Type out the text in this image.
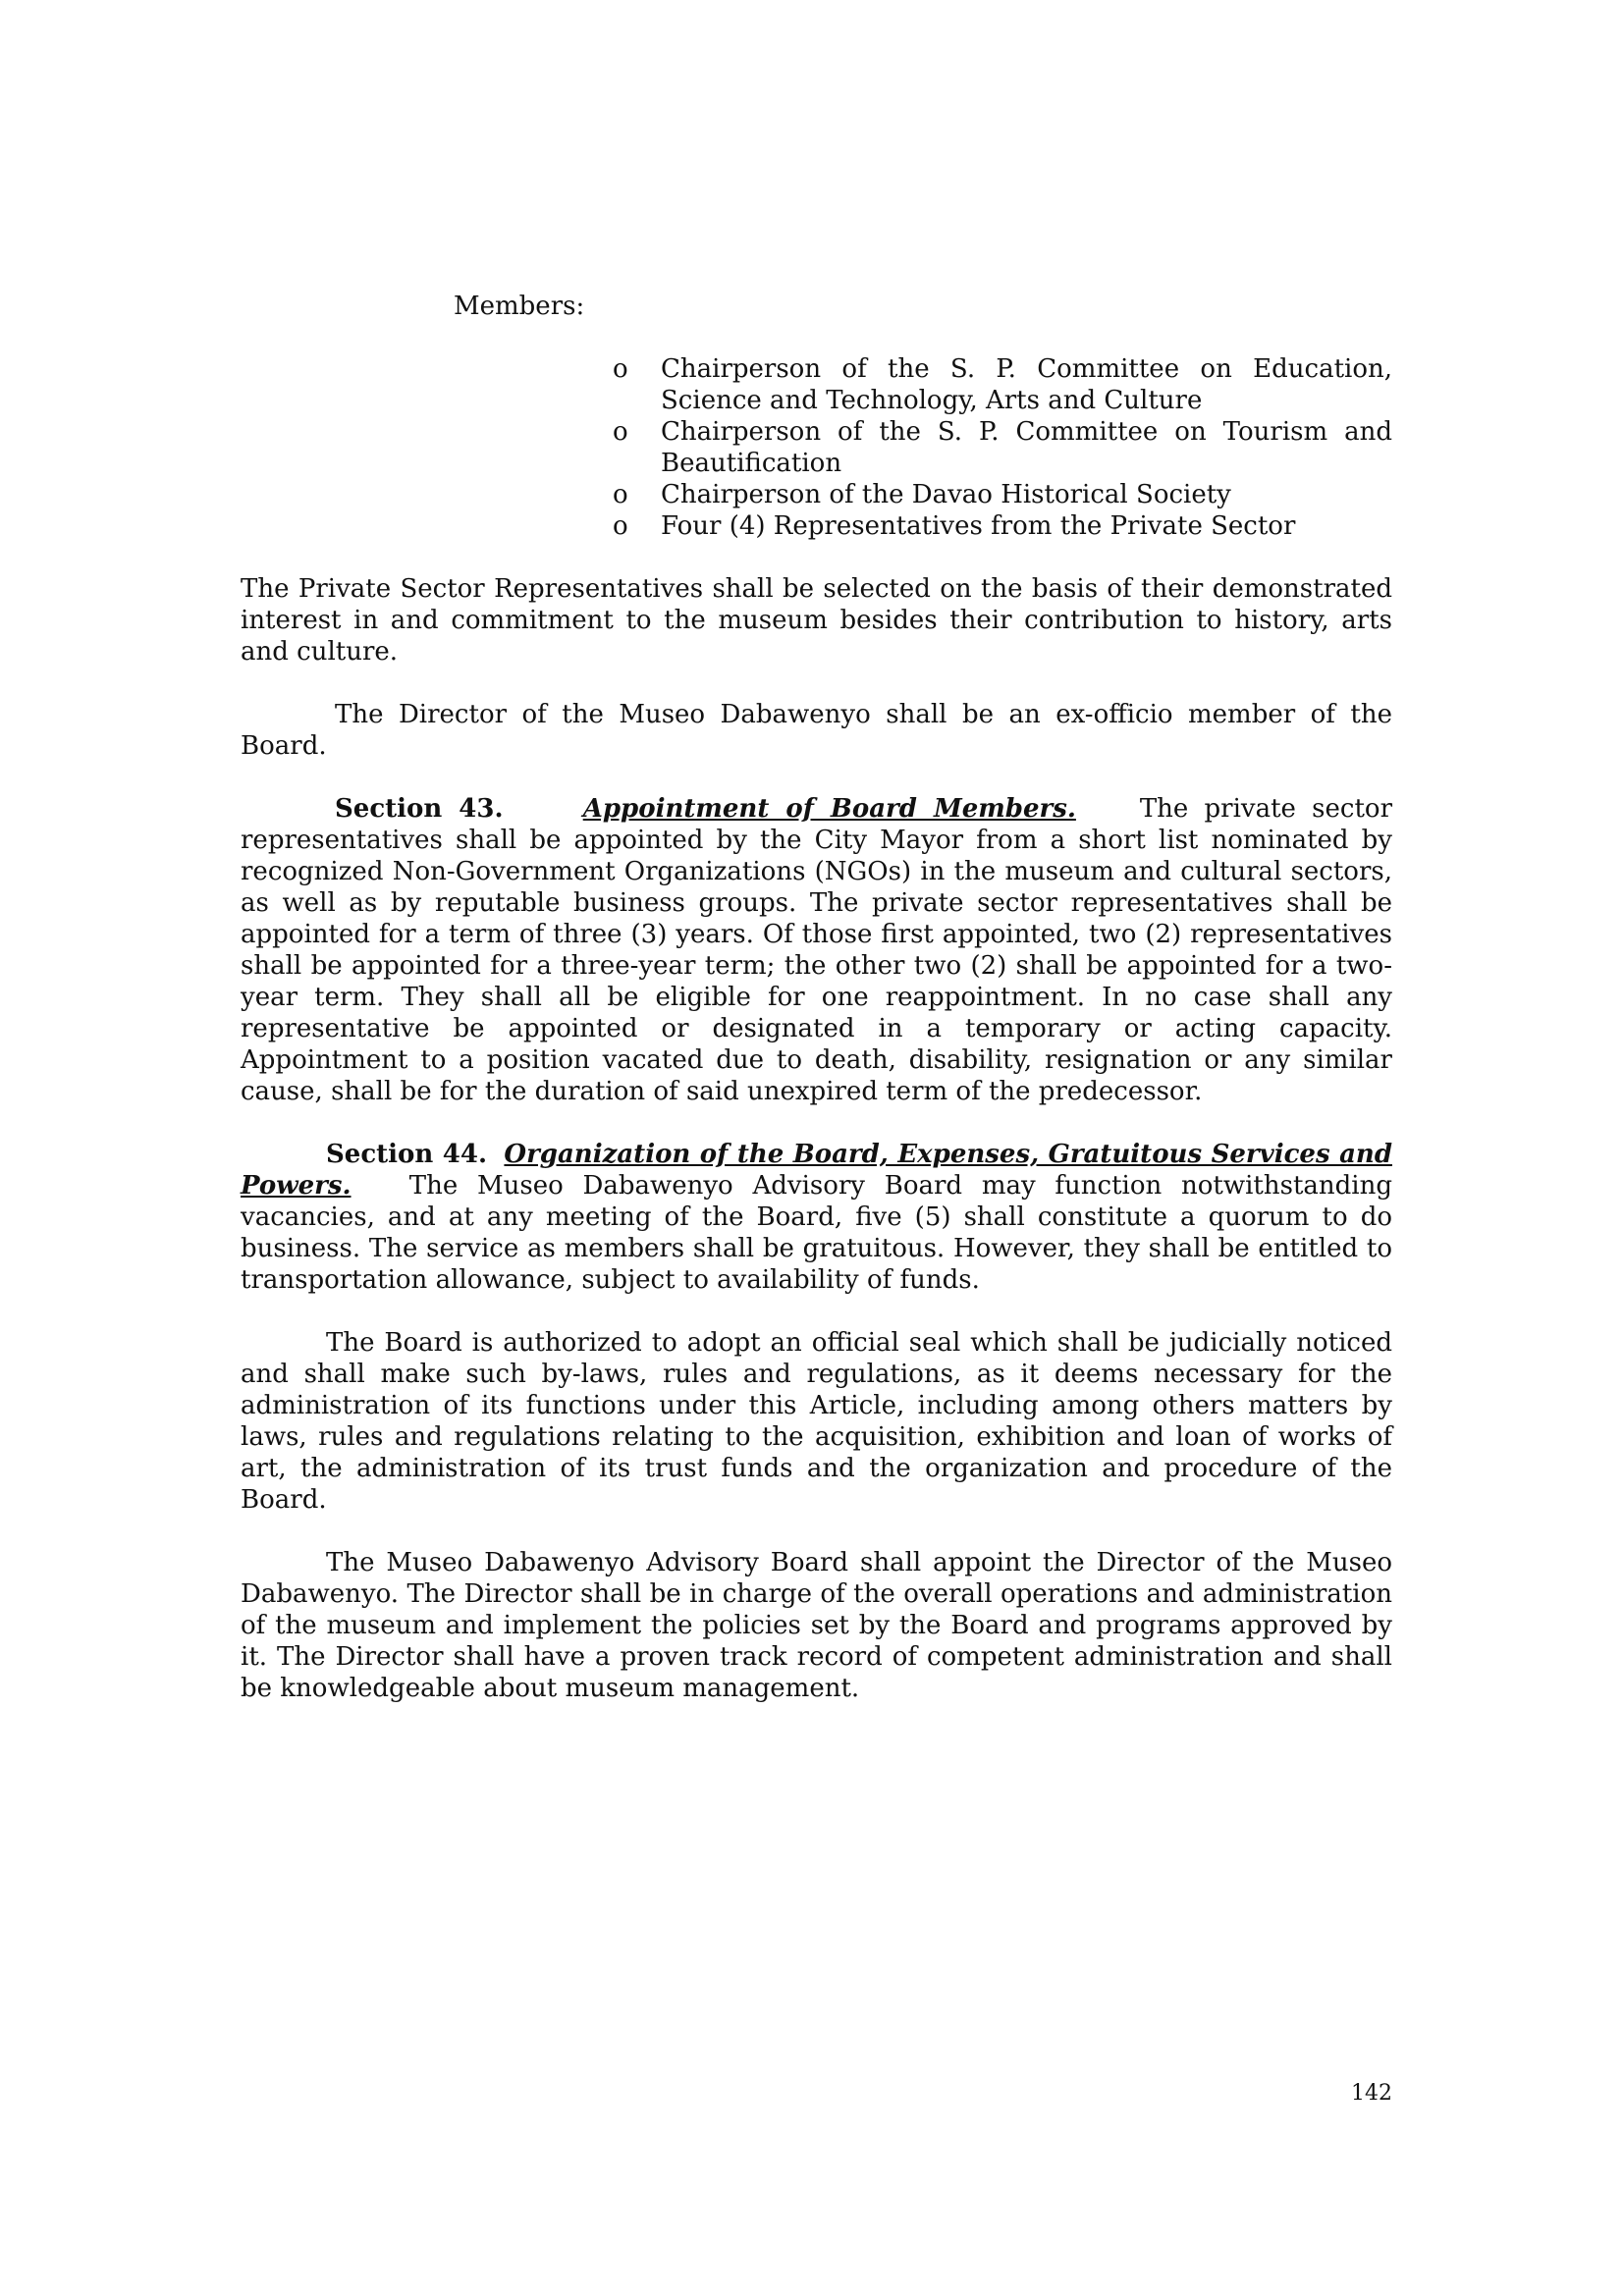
Members:

o Chairperson of the S. P. Committee on Education, Science and Technology, Arts and Culture
o Chairperson of the S. P. Committee on Tourism and Beautification
o Chairperson of the Davao Historical Society
o Four (4) Representatives from the Private Sector

The Private Sector Representatives shall be selected on the basis of their demonstrated interest in and commitment to the museum besides their contribution to history, arts and culture.

The Director of the Museo Dabawenyo shall be an ex-officio member of the Board.

Section 43.	Appointment of Board Members. The private sector representatives shall be appointed by the City Mayor from a short list nominated by recognized Non-Government Organizations (NGOs) in the museum and cultural sectors, as well as by reputable business groups. The private sector representatives shall be appointed for a term of three (3) years. Of those first appointed, two (2) representatives shall be appointed for a three-year term; the other two (2) shall be appointed for a two-year term. They shall all be eligible for one reappointment. In no case shall any representative be appointed or designated in a temporary or acting capacity. Appointment to a position vacated due to death, disability, resignation or any similar cause, shall be for the duration of said unexpired term of the predecessor.

Section 44. Organization of the Board, Expenses, Gratuitous Services and Powers. The Museo Dabawenyo Advisory Board may function notwithstanding vacancies, and at any meeting of the Board, five (5) shall constitute a quorum to do business. The service as members shall be gratuitous. However, they shall be entitled to transportation allowance, subject to availability of funds.

The Board is authorized to adopt an official seal which shall be judicially noticed and shall make such by-laws, rules and regulations, as it deems necessary for the administration of its functions under this Article, including among others matters by laws, rules and regulations relating to the acquisition, exhibition and loan of works of art, the administration of its trust funds and the organization and procedure of the Board.

The Museo Dabawenyo Advisory Board shall appoint the Director of the Museo Dabawenyo. The Director shall be in charge of the overall operations and administration of the museum and implement the policies set by the Board and programs approved by it. The Director shall have a proven track record of competent administration and shall be knowledgeable about museum management.

142
